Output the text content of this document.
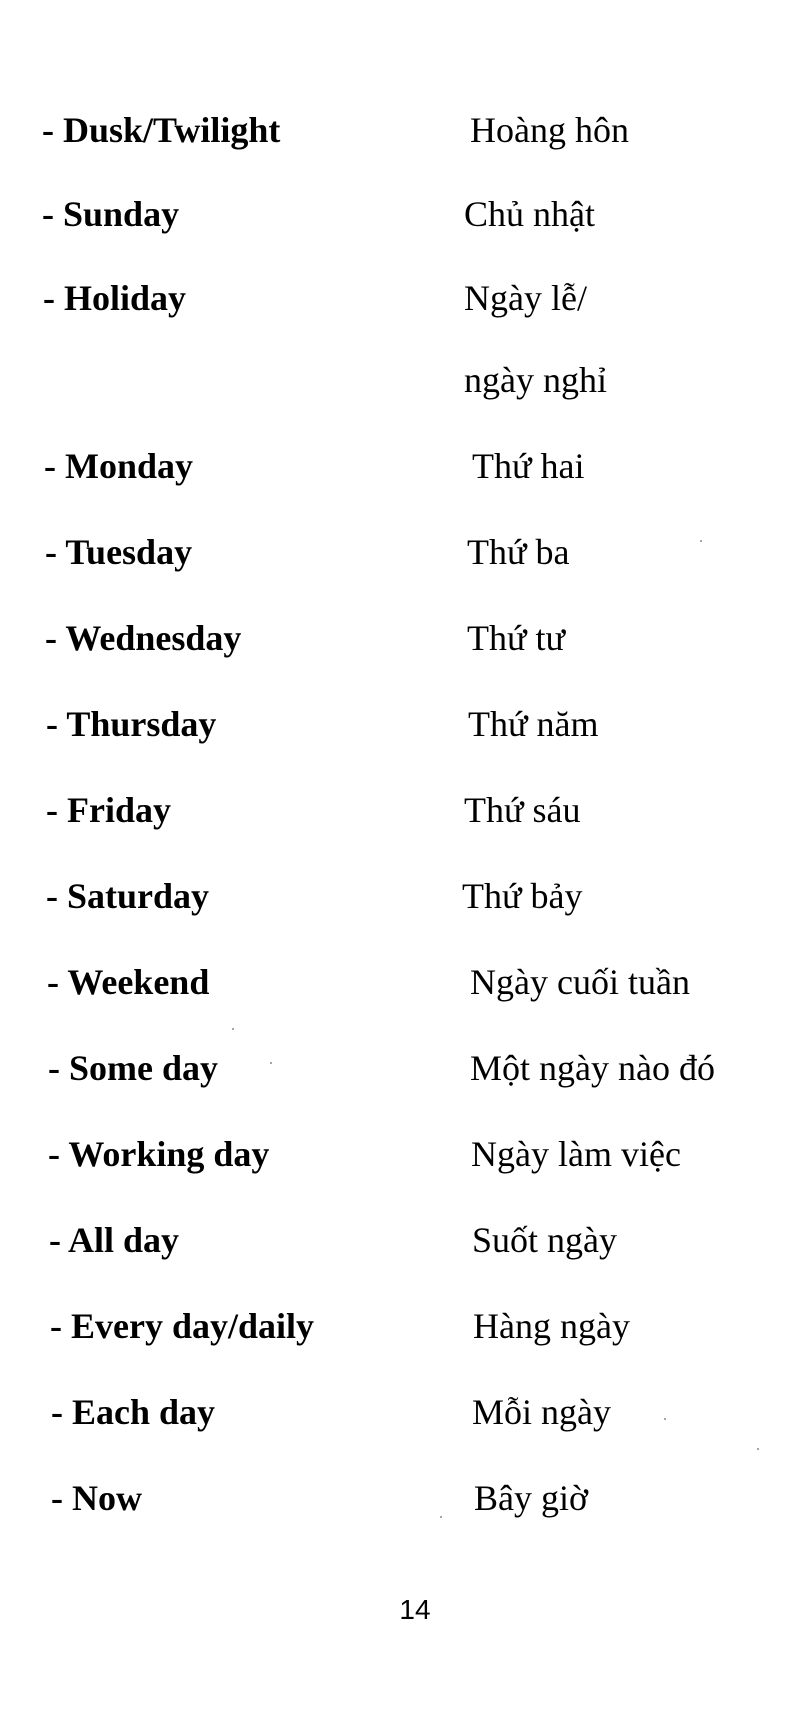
- Dusk/Twilight	Hoàng hôn
- Sunday	Chủ nhật
- Holiday	Ngày lễ/
ngày nghỉ
- Monday	Thứ hai
- Tuesday	Thứ ba
- Wednesday	Thứ tư
- Thursday	Thứ năm
- Friday	Thứ sáu
- Saturday	Thứ bảy
- Weekend	Ngày cuối tuần
- Some day	Một ngày nào đó
- Working day	Ngày làm việc
- All day	Suốt ngày
- Every day/daily	Hàng ngày
- Each day	Mỗi ngày
- Now	Bây giờ
14
